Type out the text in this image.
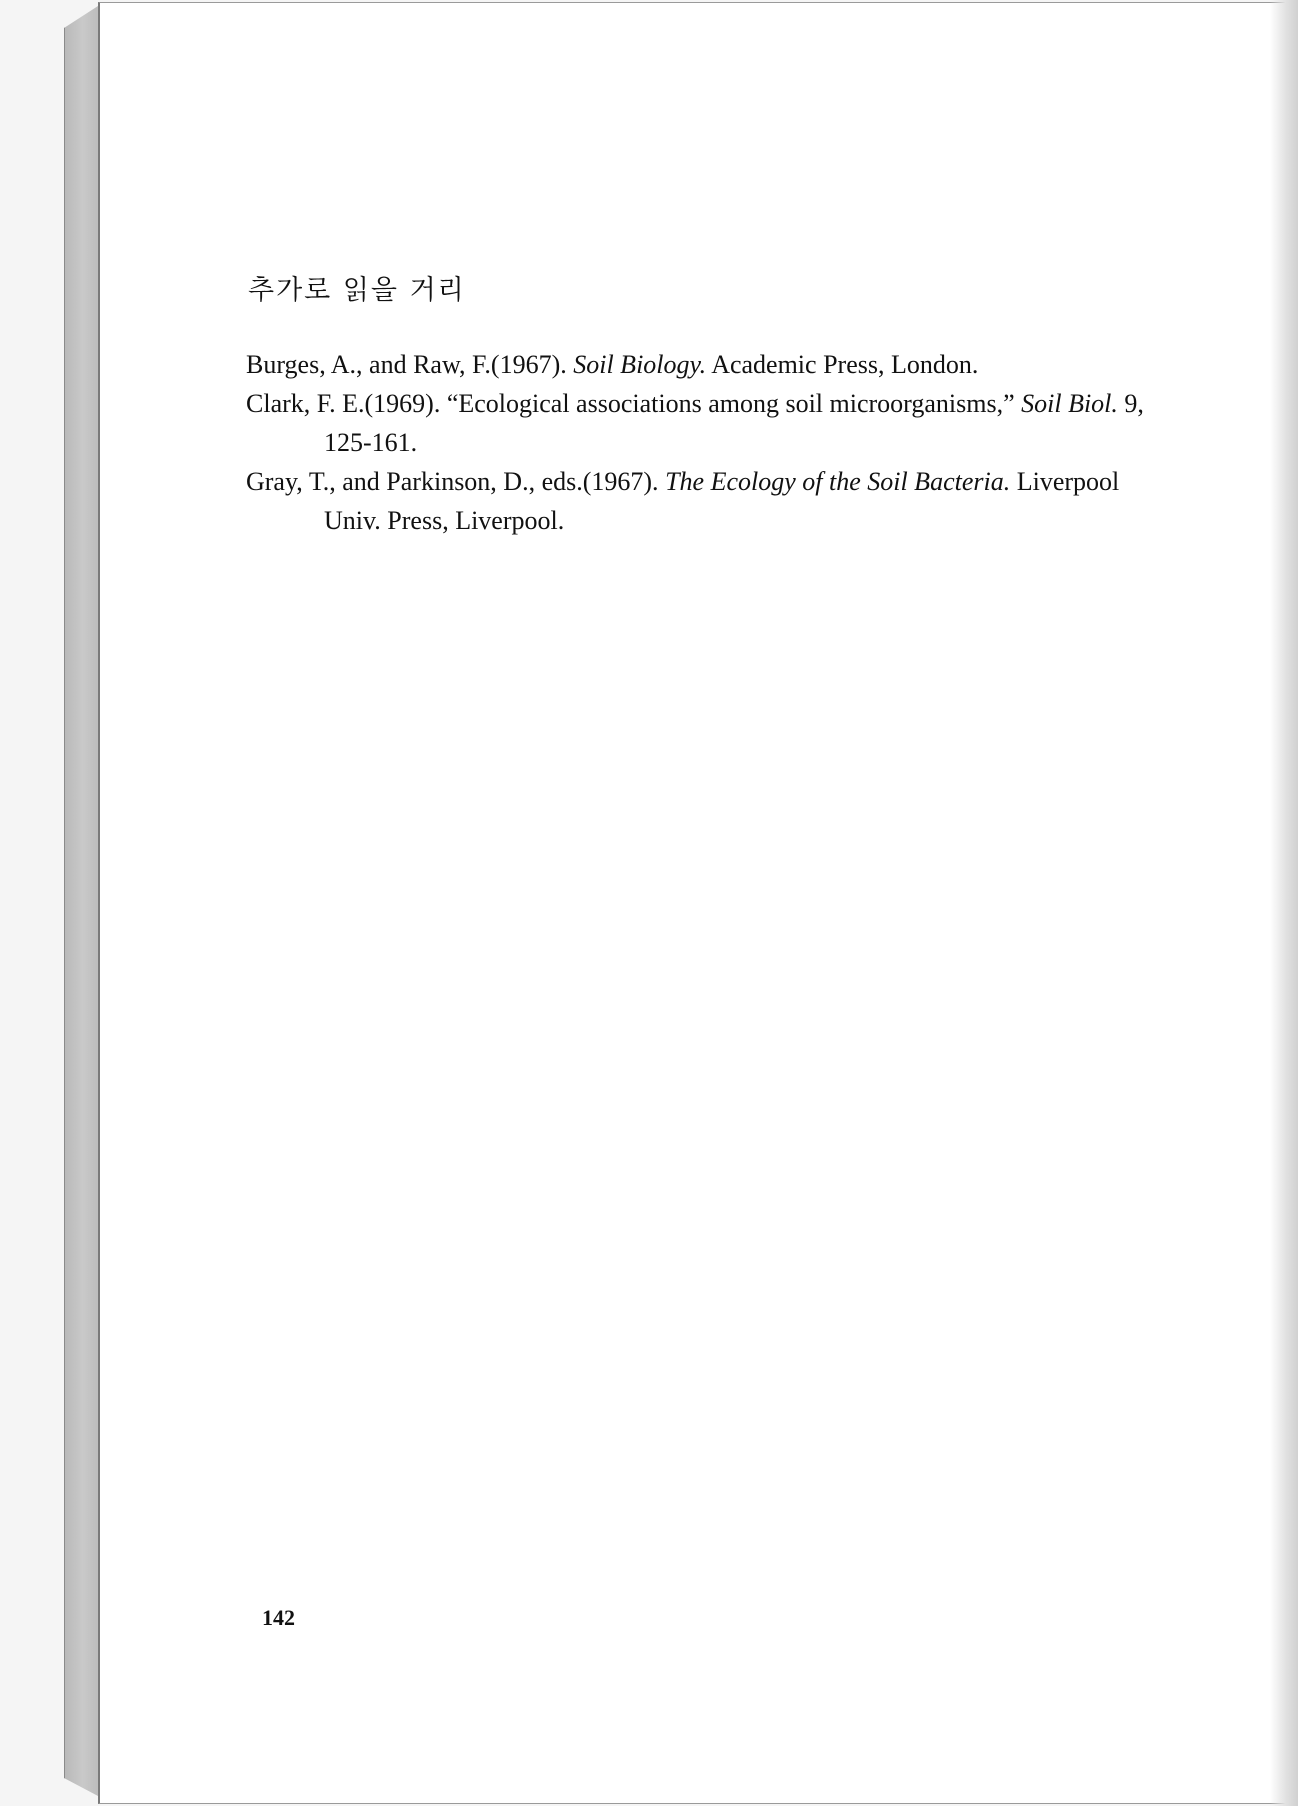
추가로 읽을 거리

Burges, A., and Raw, F.(1967). Soil Biology. Academic Press, London.

Clark, F. E.(1969). “Ecological associations among soil microorganisms,” Soil Biol. 9, 125-161.

Gray, T., and Parkinson, D., eds.(1967). The Ecology of the Soil Bacteria. Liverpool Univ. Press, Liverpool.

142
